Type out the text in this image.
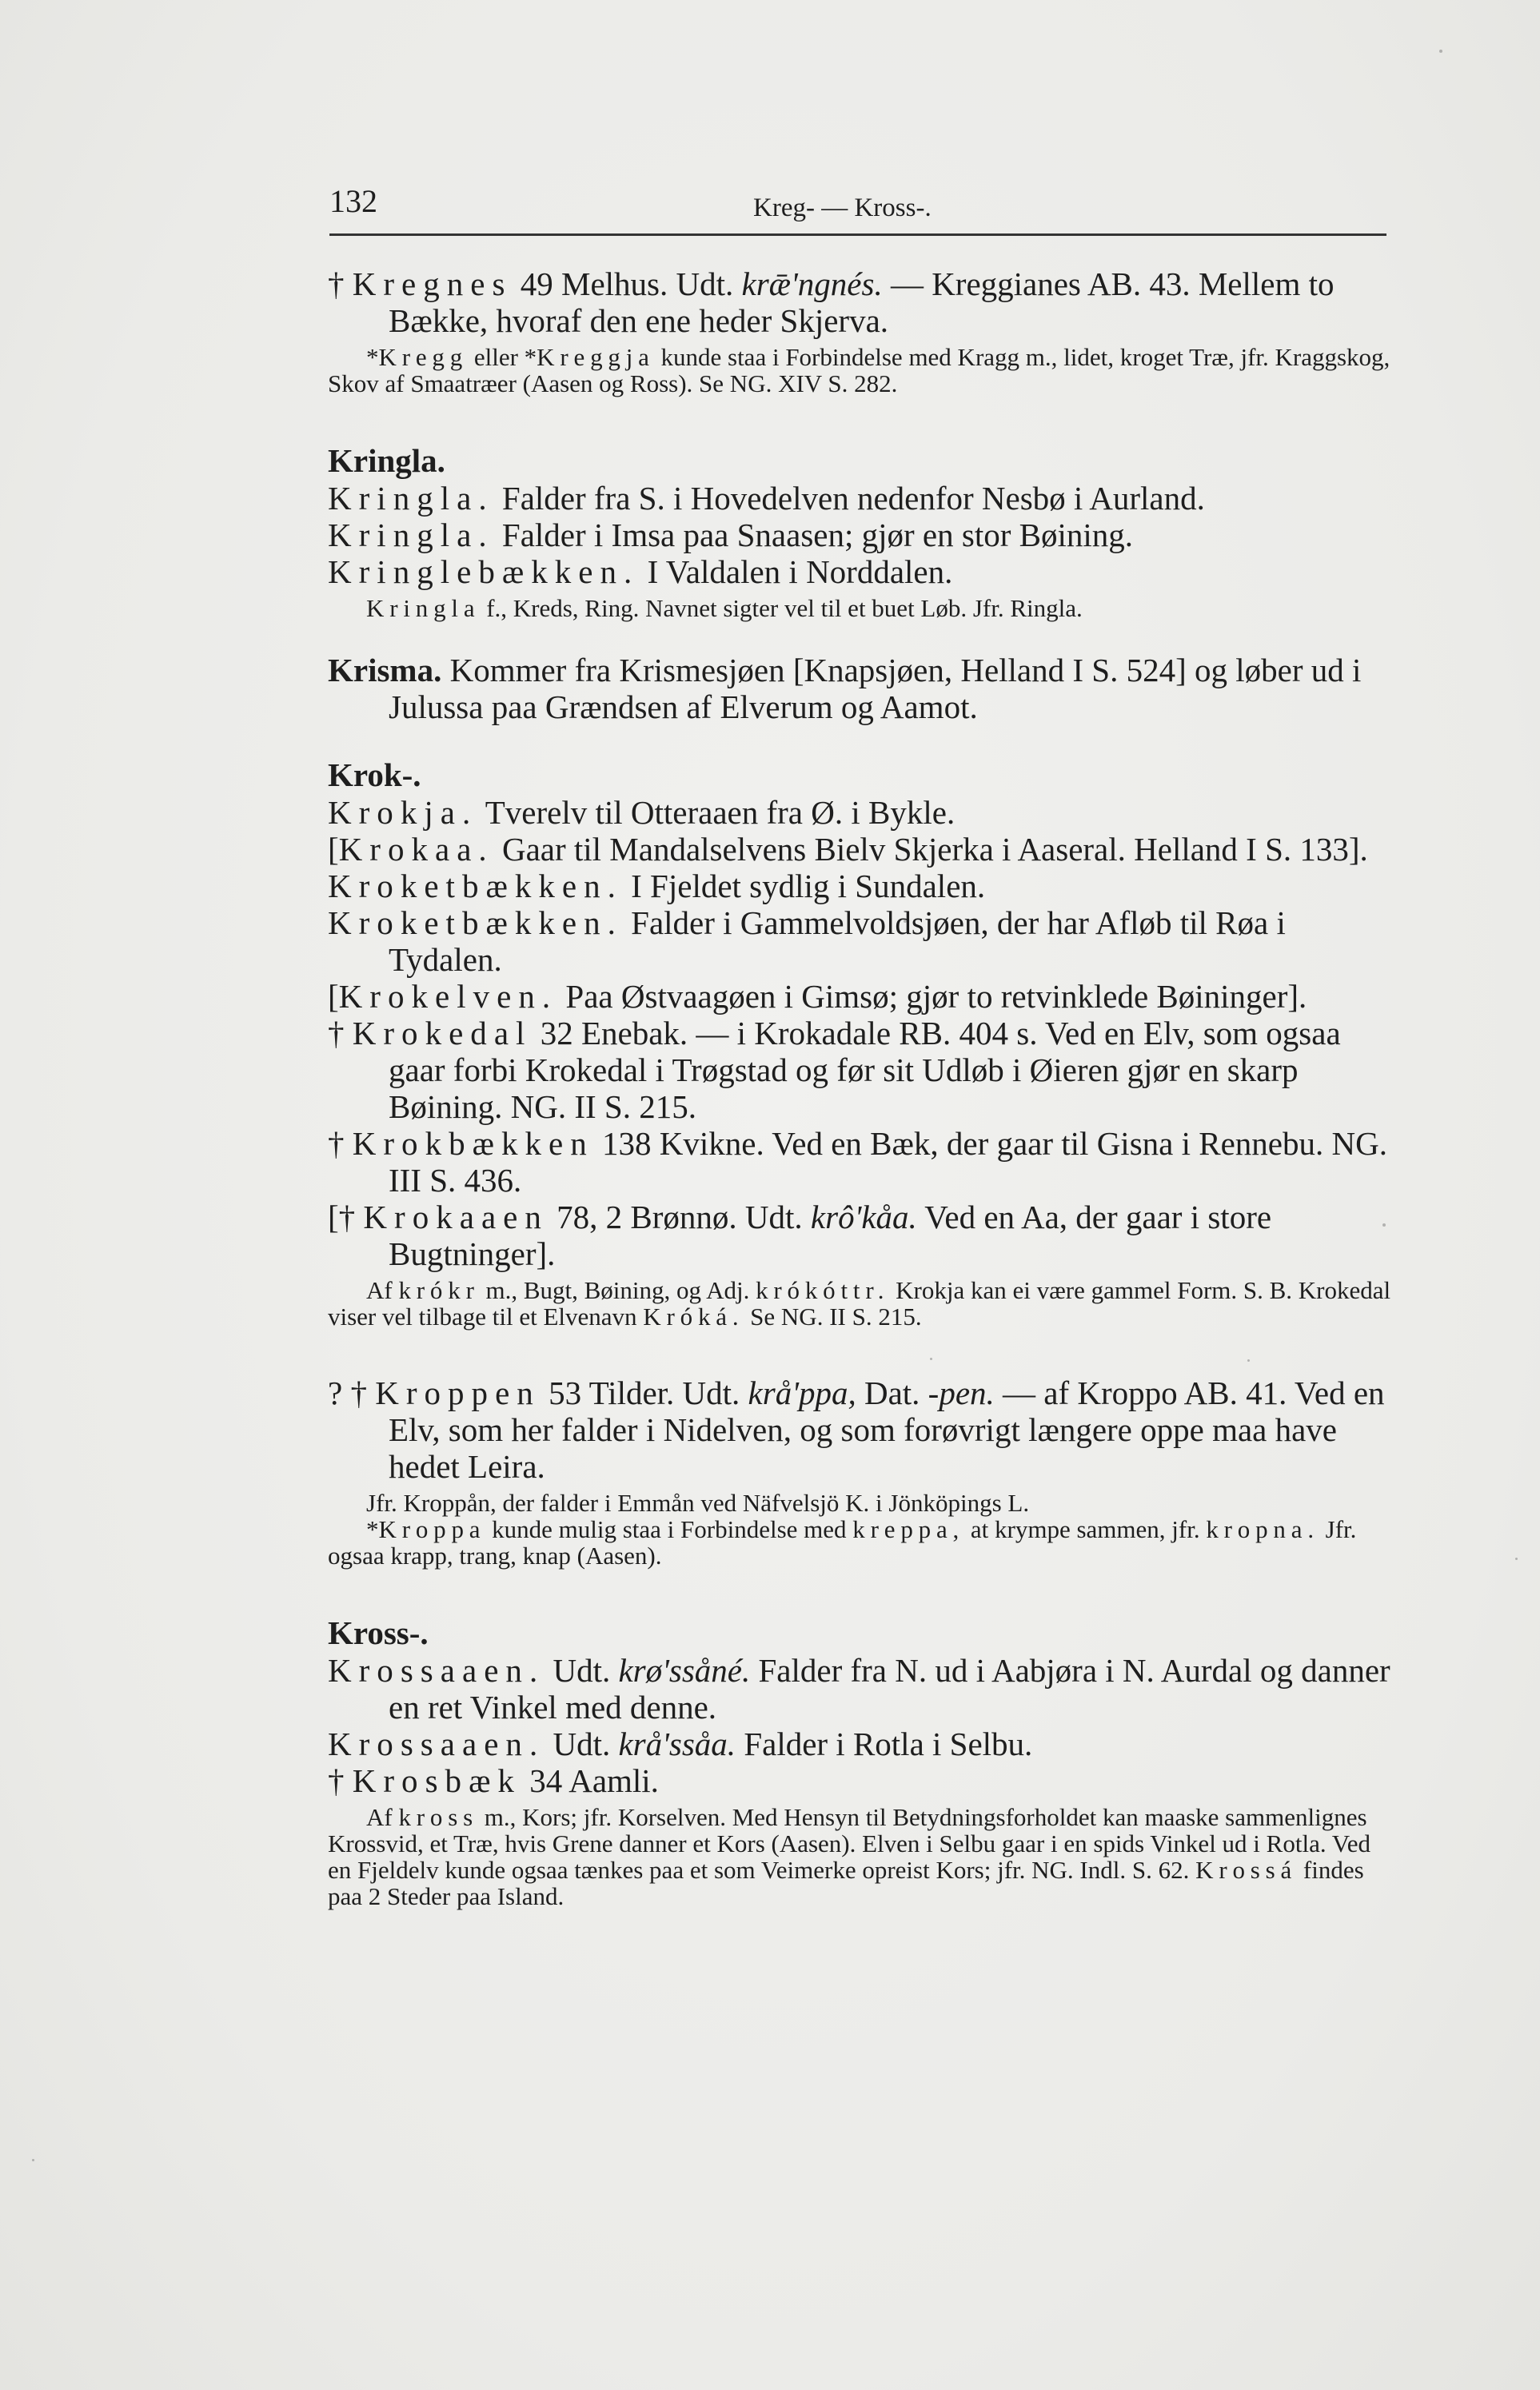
132	Kreg- — Kross-.

† Kregnes 49 Melhus. Udt. krǣ'ngnés. — Kreggianes AB. 43. Mellem to Bække, hvoraf den ene heder Skjerva.

*Kregg eller *Kreggja kunde staa i Forbindelse med Kragg m., lidet, kroget Træ, jfr. Kraggskog, Skov af Smaatræer (Aasen og Ross). Se NG. XIV S. 282.

Kringla.

Kringla. Falder fra S. i Hovedelven nedenfor Nesbø i Aurland.

Kringla. Falder i Imsa paa Snaasen; gjør en stor Bøining.

Kringlebækken. I Valdalen i Norddalen.

Kringla f., Kreds, Ring. Navnet sigter vel til et buet Løb. Jfr. Ringla.

Krisma. Kommer fra Krismesjøen [Knapsjøen, Helland I S. 524] og løber ud i Julussa paa Grændsen af Elverum og Aamot.

Krok-.

Krokja. Tverelv til Otteraaen fra Ø. i Bykle.

[Krokaa. Gaar til Mandalselvens Bielv Skjerka i Aaseral. Helland I S. 133].

Kroketbækken. I Fjeldet sydlig i Sundalen.

Kroketbækken. Falder i Gammelvoldsjøen, der har Afløb til Røa i Tydalen.

[Krokelven. Paa Østvaagøen i Gimsø; gjør to retvinklede Bøininger].

† Krokedal 32 Enebak. — i Krokadale RB. 404 s. Ved en Elv, som ogsaa gaar forbi Krokedal i Trøgstad og før sit Udløb i Øieren gjør en skarp Bøining. NG. II S. 215.

† Krokbækken 138 Kvikne. Ved en Bæk, der gaar til Gisna i Rennebu. NG. III S. 436.

[† Krokaaen 78, 2 Brønnø. Udt. krô'kåa. Ved en Aa, der gaar i store Bugtninger].

Af krókr m., Bugt, Bøining, og Adj. krókóttr. Krokja kan ei være gammel Form. S. B. Krokedal viser vel tilbage til et Elvenavn Króká. Se NG. II S. 215.

? † Kroppen 53 Tilder. Udt. krå'ppa, Dat. -pen. — af Kroppo AB. 41. Ved en Elv, som her falder i Nidelven, og som forøvrigt længere oppe maa have hedet Leira.

Jfr. Kroppån, der falder i Emmån ved Näfvelsjö K. i Jönköpings L.

*Kroppa kunde mulig staa i Forbindelse med kreppa, at krympe sammen, jfr. kropna. Jfr. ogsaa krapp, trang, knap (Aasen).

Kross-.

Krossaaen. Udt. krø'ssåné. Falder fra N. ud i Aabjøra i N. Aurdal og danner en ret Vinkel med denne.

Krossaaen. Udt. krå'ssåa. Falder i Rotla i Selbu.

† Krosbæk 34 Aamli.

Af kross m., Kors; jfr. Korselven. Med Hensyn til Betydningsforholdet kan maaske sammenlignes Krossvid, et Træ, hvis Grene danner et Kors (Aasen). Elven i Selbu gaar i en spids Vinkel ud i Rotla. Ved en Fjeldelv kunde ogsaa tænkes paa et som Veimerke opreist Kors; jfr. NG. Indl. S. 62. Krossá findes paa 2 Steder paa Island.
